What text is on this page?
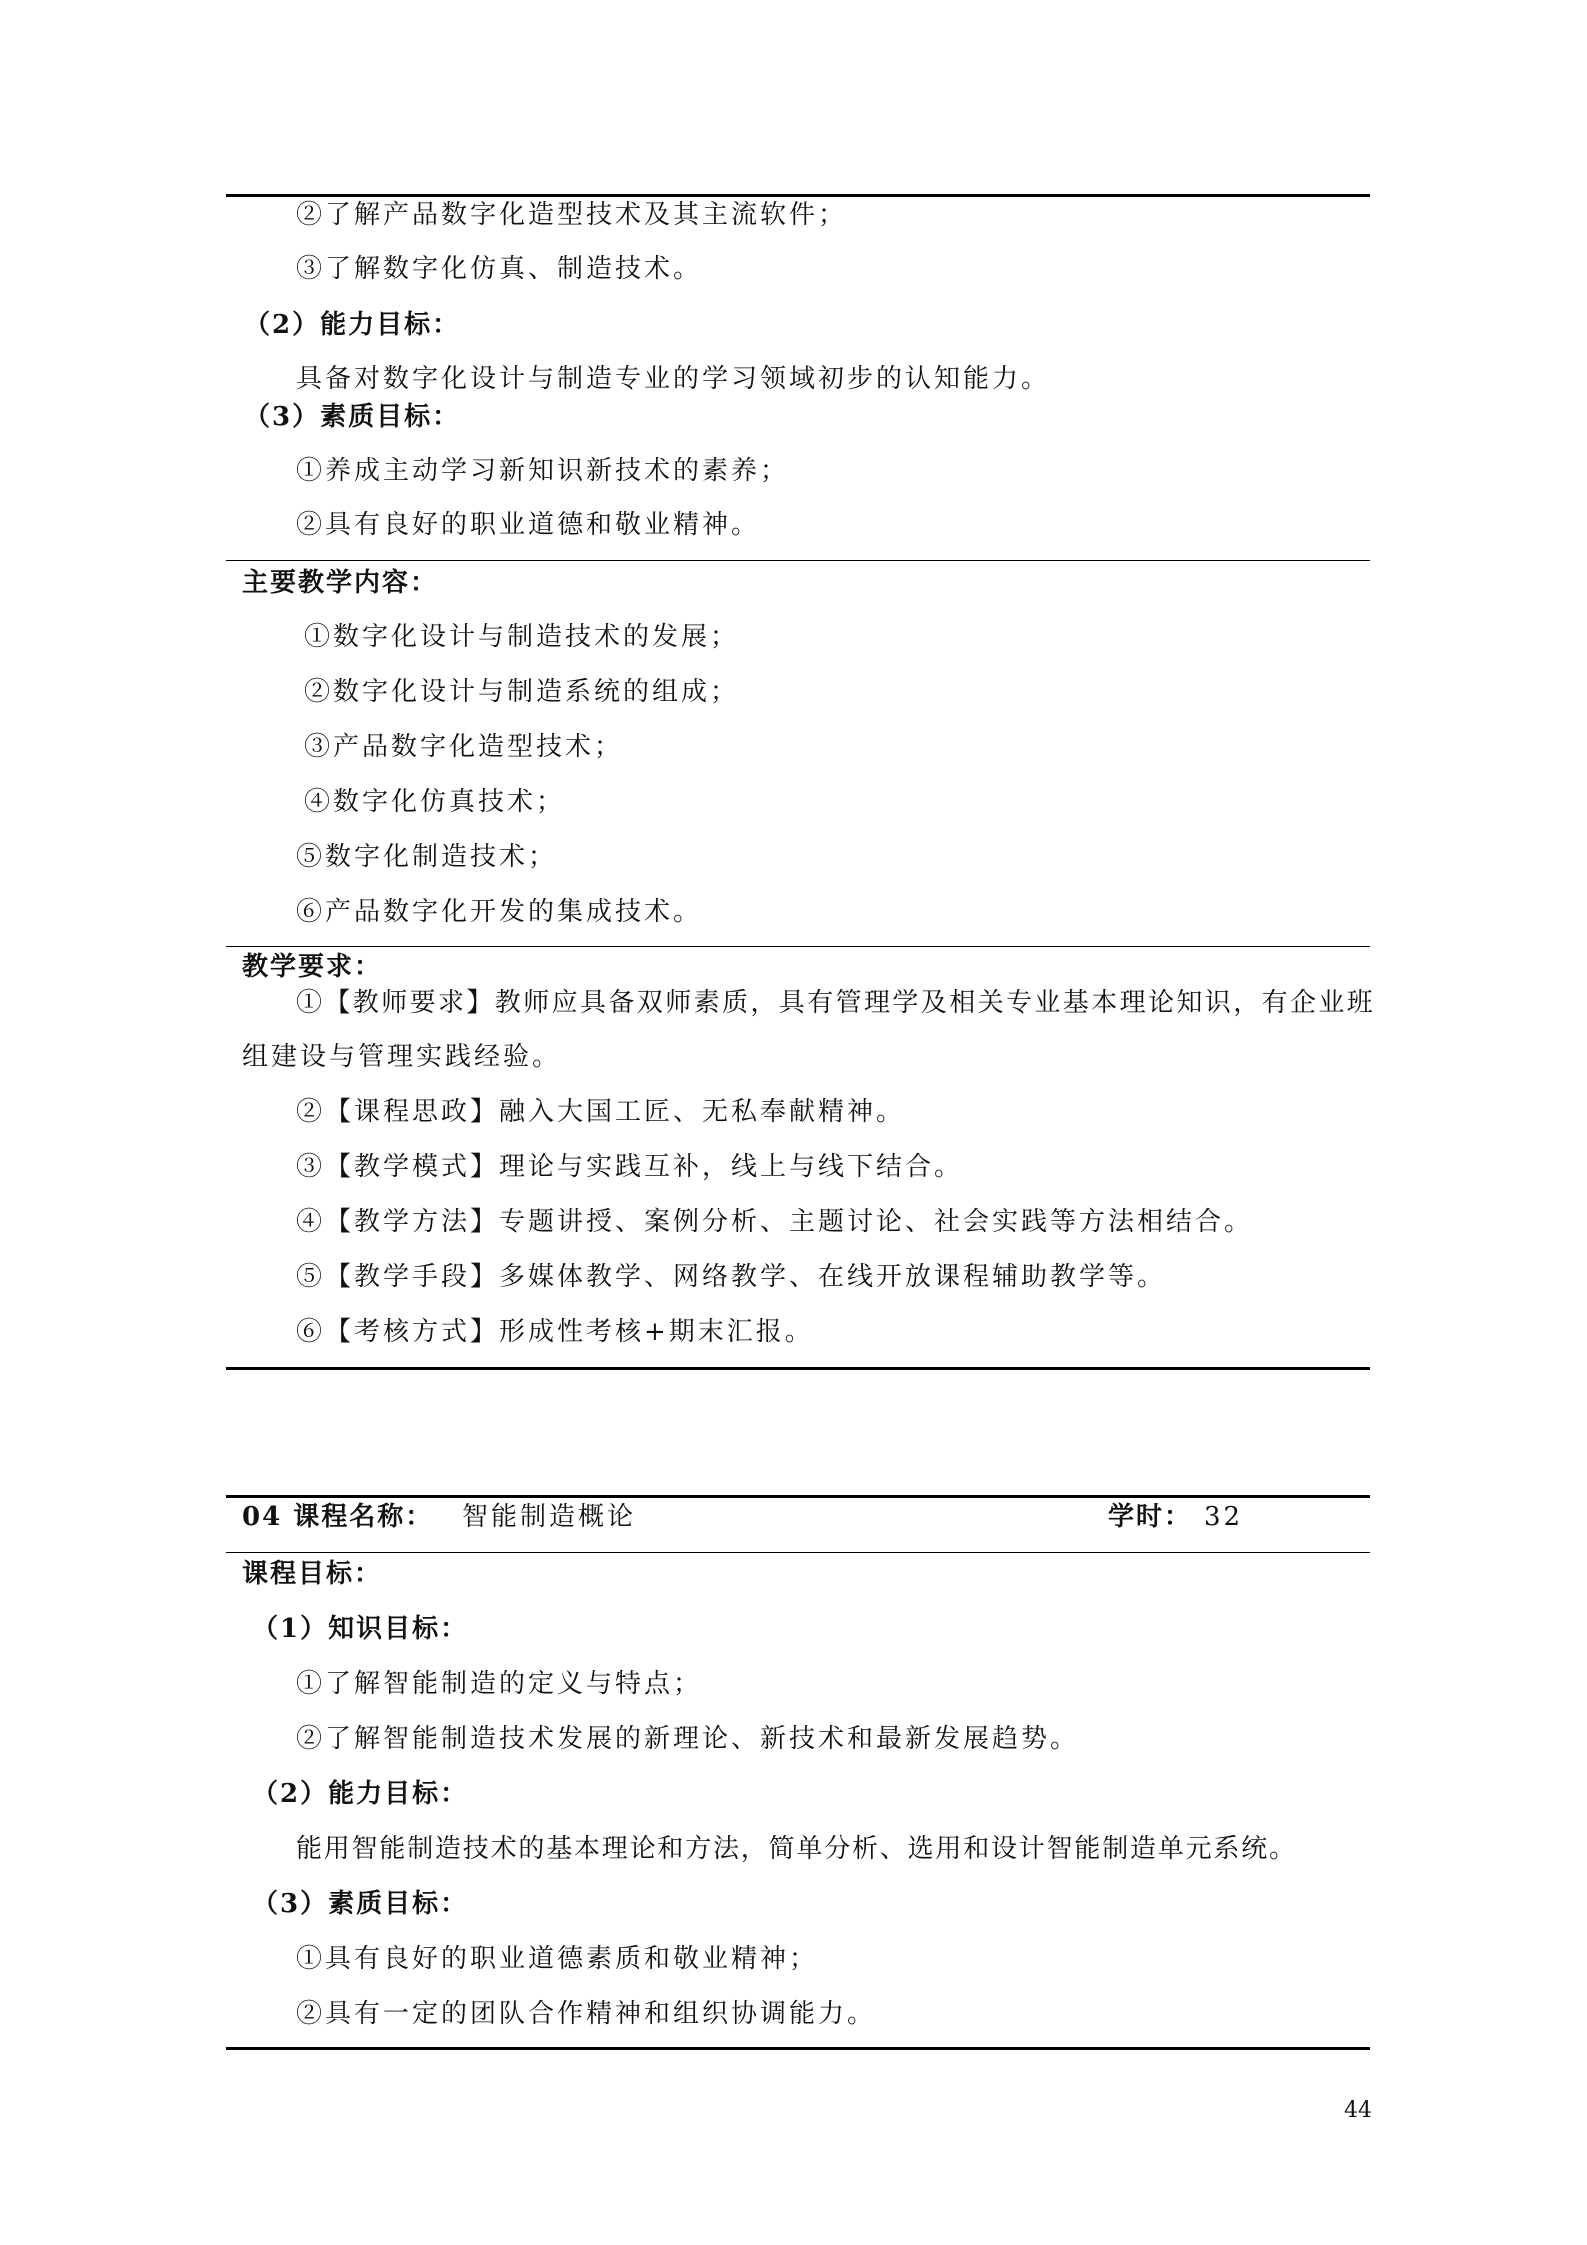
②了解产品数字化造型技术及其主流软件；
③了解数字化仿真、制造技术。
（2）能力目标：
具备对数字化设计与制造专业的学习领域初步的认知能力。
（3）素质目标：
①养成主动学习新知识新技术的素养；
②具有良好的职业道德和敬业精神。
主要教学内容：
①数字化设计与制造技术的发展；
②数字化设计与制造系统的组成；
③产品数字化造型技术；
④数字化仿真技术；
⑤数字化制造技术；
⑥产品数字化开发的集成技术。
教学要求：
①【教师要求】教师应具备双师素质，具有管理学及相关专业基本理论知识，有企业班
组建设与管理实践经验。
②【课程思政】融入大国工匠、无私奉献精神。
③【教学模式】理论与实践互补，线上与线下结合。
④【教学方法】专题讲授、案例分析、主题讨论、社会实践等方法相结合。
⑤【教学手段】多媒体教学、网络教学、在线开放课程辅助教学等。
⑥【考核方式】形成性考核+期末汇报。
04 课程名称： 智能制造概论	学时： 32
课程目标：
（1）知识目标：
①了解智能制造的定义与特点；
②了解智能制造技术发展的新理论、新技术和最新发展趋势。
（2）能力目标：
能用智能制造技术的基本理论和方法，简单分析、选用和设计智能制造单元系统。
（3）素质目标：
①具有良好的职业道德素质和敬业精神；
②具有一定的团队合作精神和组织协调能力。
44
